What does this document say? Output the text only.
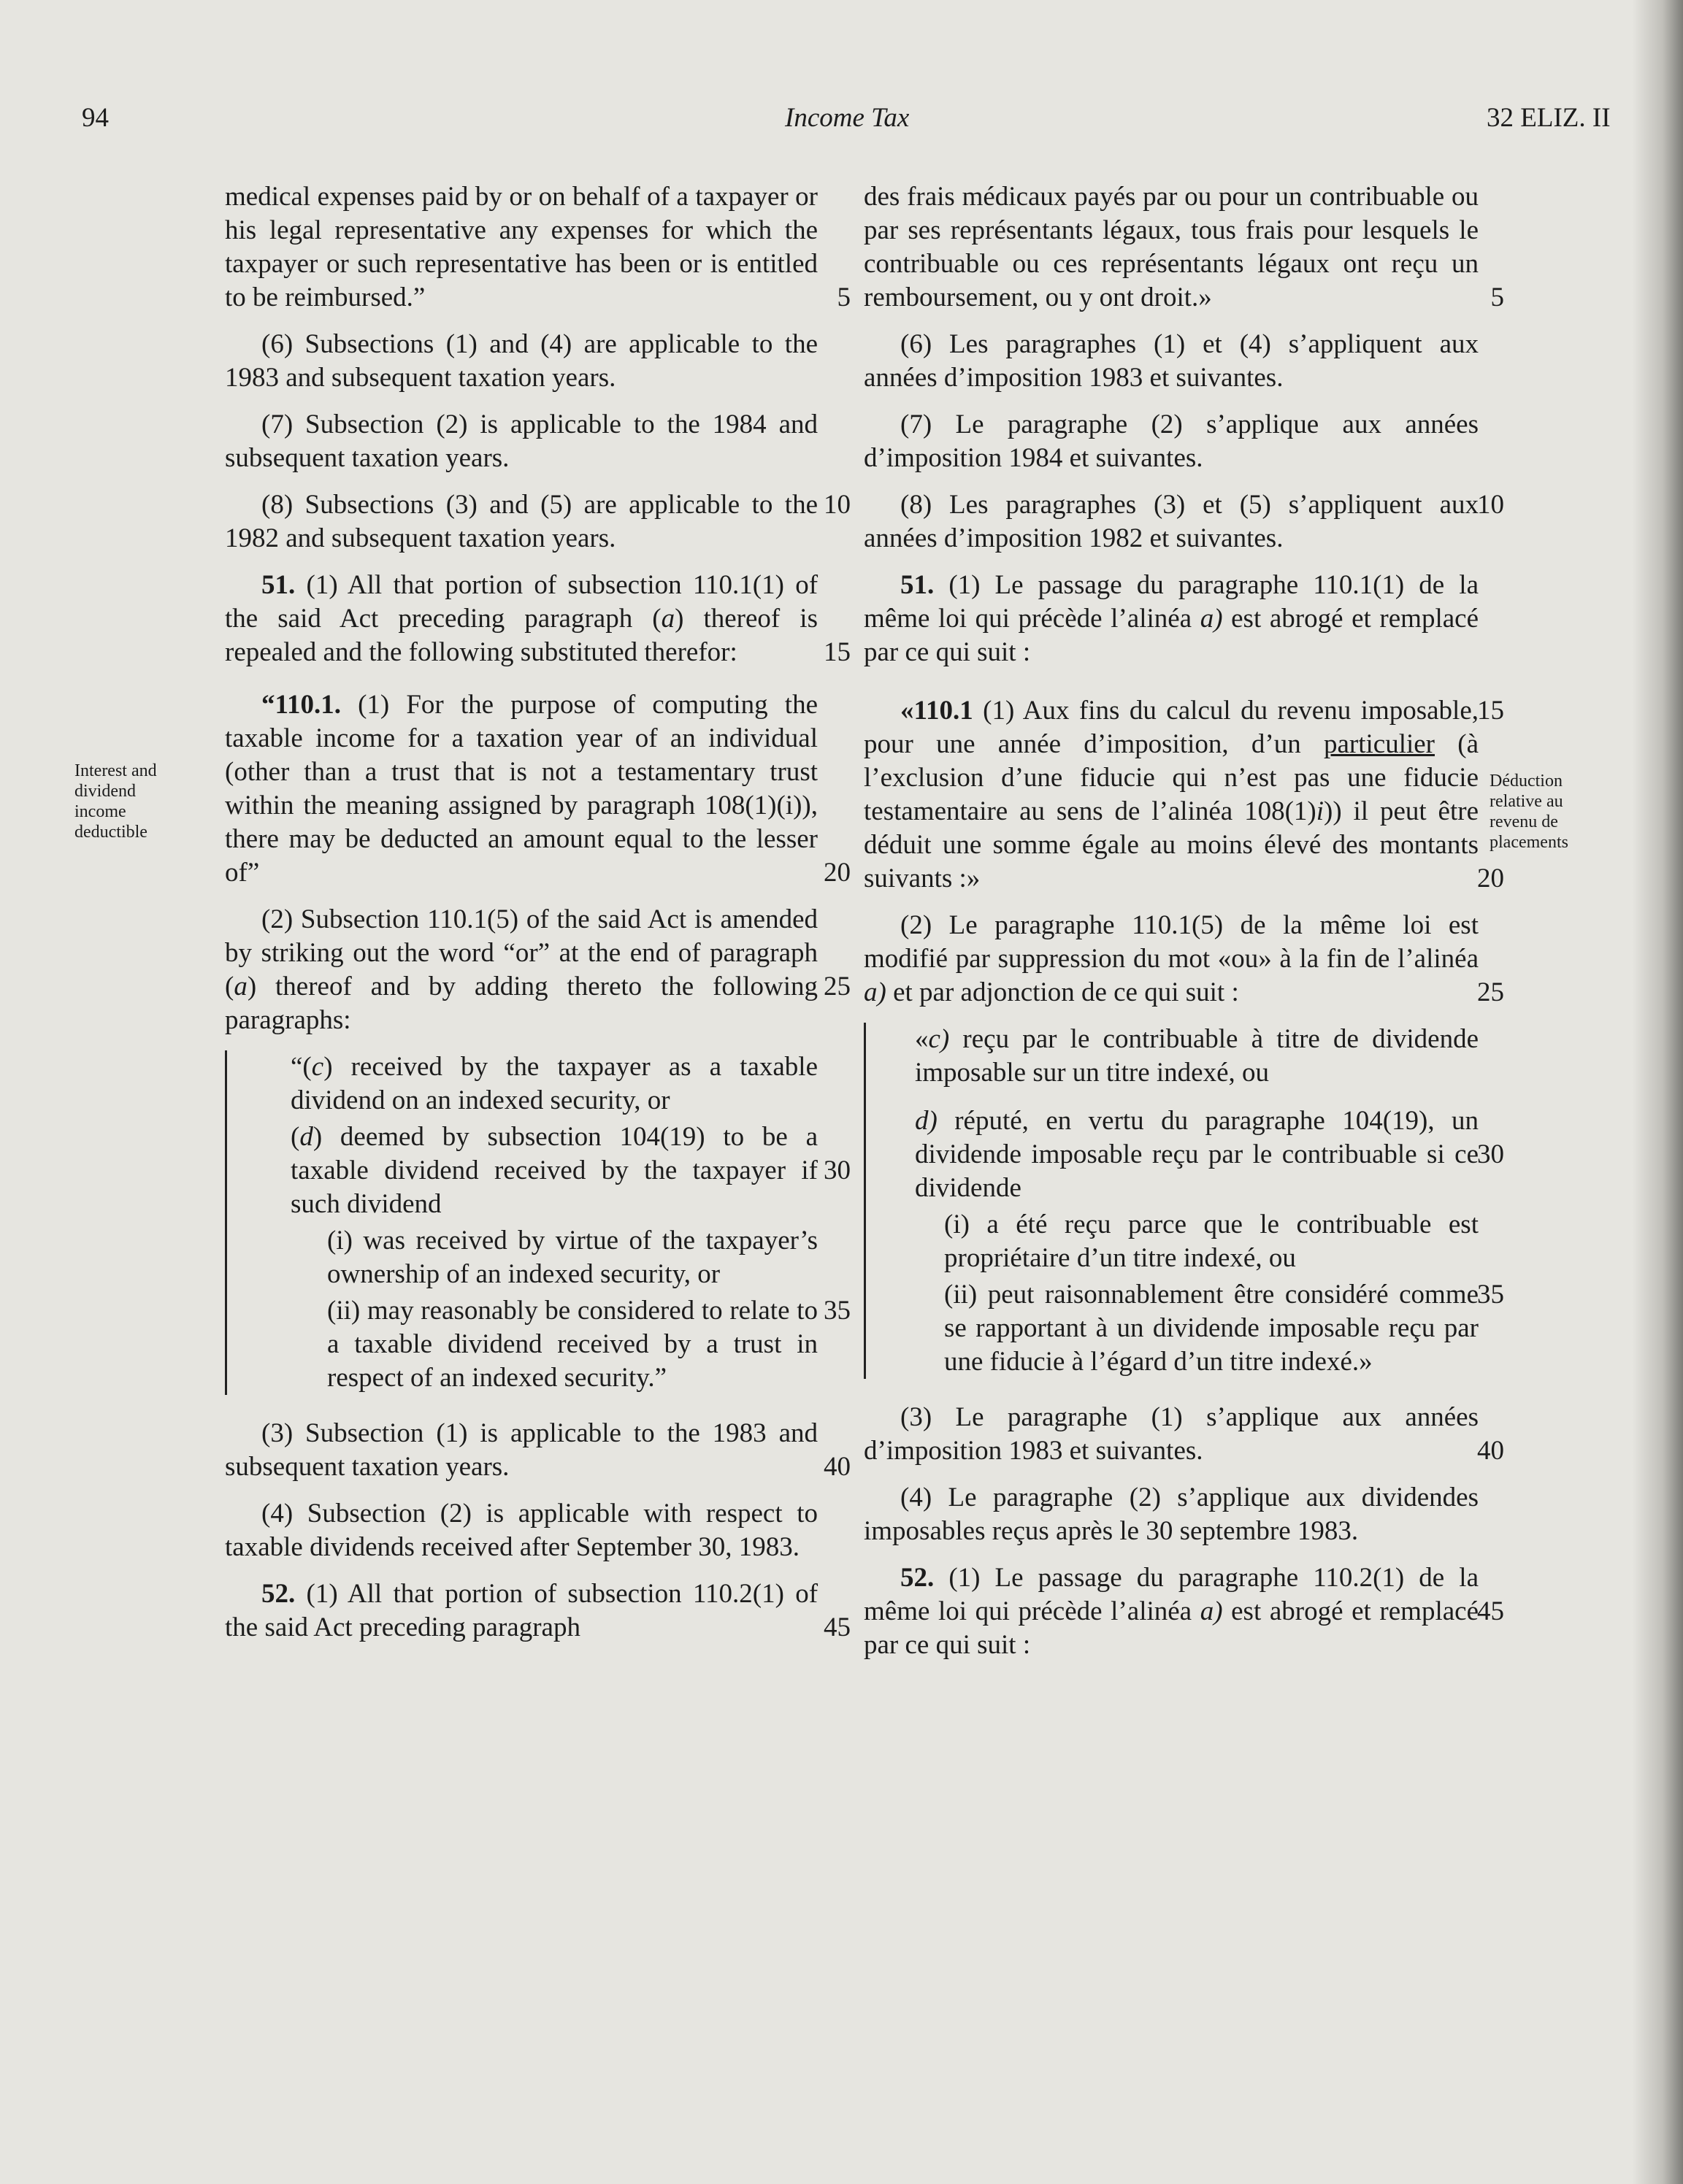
94	Income Tax	32 ELIZ. II
Interest and dividend income deductible
Déduction relative au revenu de placements

medical expenses paid by or on behalf of a taxpayer or his legal representative any expenses for which the taxpayer or such representative has been or is entitled to be reimbursed.”	5

(6) Subsections (1) and (4) are applicable to the 1983 and subsequent taxation years.

(7) Subsection (2) is applicable to the 1984 and subsequent taxation years.

(8) Subsections (3) and (5) are applicable to the 1982 and subsequent taxation years.
10

51. (1) All that portion of subsection 110.1(1) of the said Act preceding paragraph (a) thereof is repealed and the following substituted therefor:	15

“110.1. (1) For the purpose of computing the taxable income for a taxation year of an individual (other than a trust that is not a testamentary trust within the meaning assigned by paragraph 108(1)(i)), there may be deducted an amount equal to the lesser of”	20

(2) Subsection 110.1(5) of the said Act is amended by striking out the word “or” at the end of paragraph (a) thereof and by adding thereto the following paragraphs:
25

“(c) received by the taxpayer as a taxable dividend on an indexed security, or

(d) deemed by subsection 104(19) to be a taxable dividend received by the taxpayer if such dividend
30

(i) was received by virtue of the taxpayer’s ownership of an indexed security, or

(ii) may reasonably be considered to relate to a taxable dividend received by a trust in respect of an indexed security.”
35

(3) Subsection (1) is applicable to the 1983 and subsequent taxation years.	40

(4) Subsection (2) is applicable with respect to taxable dividends received after September 30, 1983.

52. (1) All that portion of subsection 110.2(1) of the said Act preceding paragraph	45

des frais médicaux payés par ou pour un contribuable ou par ses représentants légaux, tous frais pour lesquels le contribuable ou ces représentants légaux ont reçu un remboursement, ou y ont droit.»	5

(6) Les paragraphes (1) et (4) s’appliquent aux années d’imposition 1983 et suivantes.

(7) Le paragraphe (2) s’applique aux années d’imposition 1984 et suivantes.

(8) Les paragraphes (3) et (5) s’appliquent aux années d’imposition 1982 et suivantes.
10

51. (1) Le passage du paragraphe 110.1(1) de la même loi qui précède l’alinéa a) est abrogé et remplacé par ce qui suit :

«110.1 (1) Aux fins du calcul du revenu imposable, pour une année d’imposition, d’un particulier (à l’exclusion d’une fiducie qui n’est pas une fiducie testamentaire au sens de l’alinéa 108(1)i)) il peut être déduit une somme égale au moins élevé des montants suivants :»
15
20

(2) Le paragraphe 110.1(5) de la même loi est modifié par suppression du mot «ou» à la fin de l’alinéa a) et par adjonction de ce qui suit :	25

«c) reçu par le contribuable à titre de dividende imposable sur un titre indexé, ou

d) réputé, en vertu du paragraphe 104(19), un dividende imposable reçu par le contribuable si ce dividende
30

(i) a été reçu parce que le contribuable est propriétaire d’un titre indexé, ou

(ii) peut raisonnablement être considéré comme se rapportant à un dividende imposable reçu par une fiducie à l’égard d’un titre indexé.»
35

(3) Le paragraphe (1) s’applique aux années d’imposition 1983 et suivantes.	40

(4) Le paragraphe (2) s’applique aux dividendes imposables reçus après le 30 septembre 1983.

52. (1) Le passage du paragraphe 110.2(1) de la même loi qui précède l’alinéa a) est abrogé et remplacé par ce qui suit :
45
